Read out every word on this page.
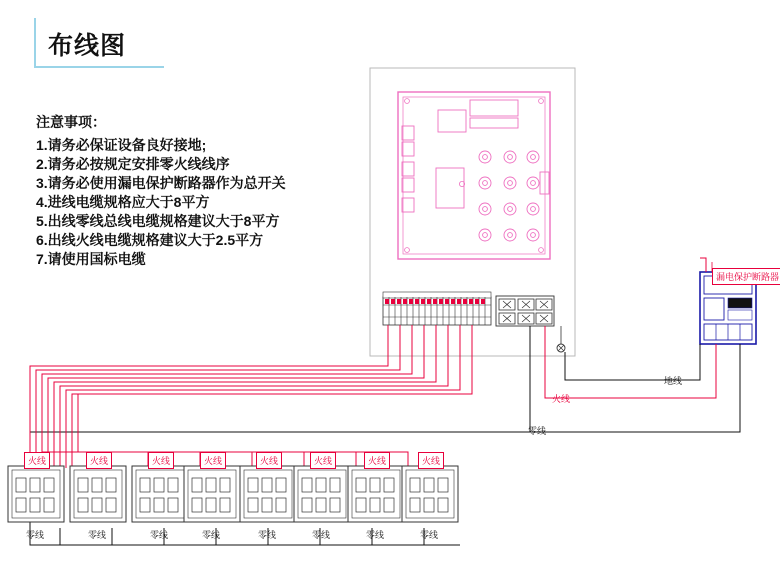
布线图
注意事项：
1.请务必保证设备良好接地;
2.请务必按规定安排零火线线序
3.请务必使用漏电保护断路器作为总开关
4.进线电缆规格应大于8平方
5.出线零线总线电缆规格建议大于8平方
6.出线火线电缆规格建议大于2.5平方
7.请使用国标电缆
漏电保护断路器
地线
火线
零线
火线	火线	火线	火线	火线	火线	火线	火线
零线	零线	零线	零线	零线	零线	零线	零线
